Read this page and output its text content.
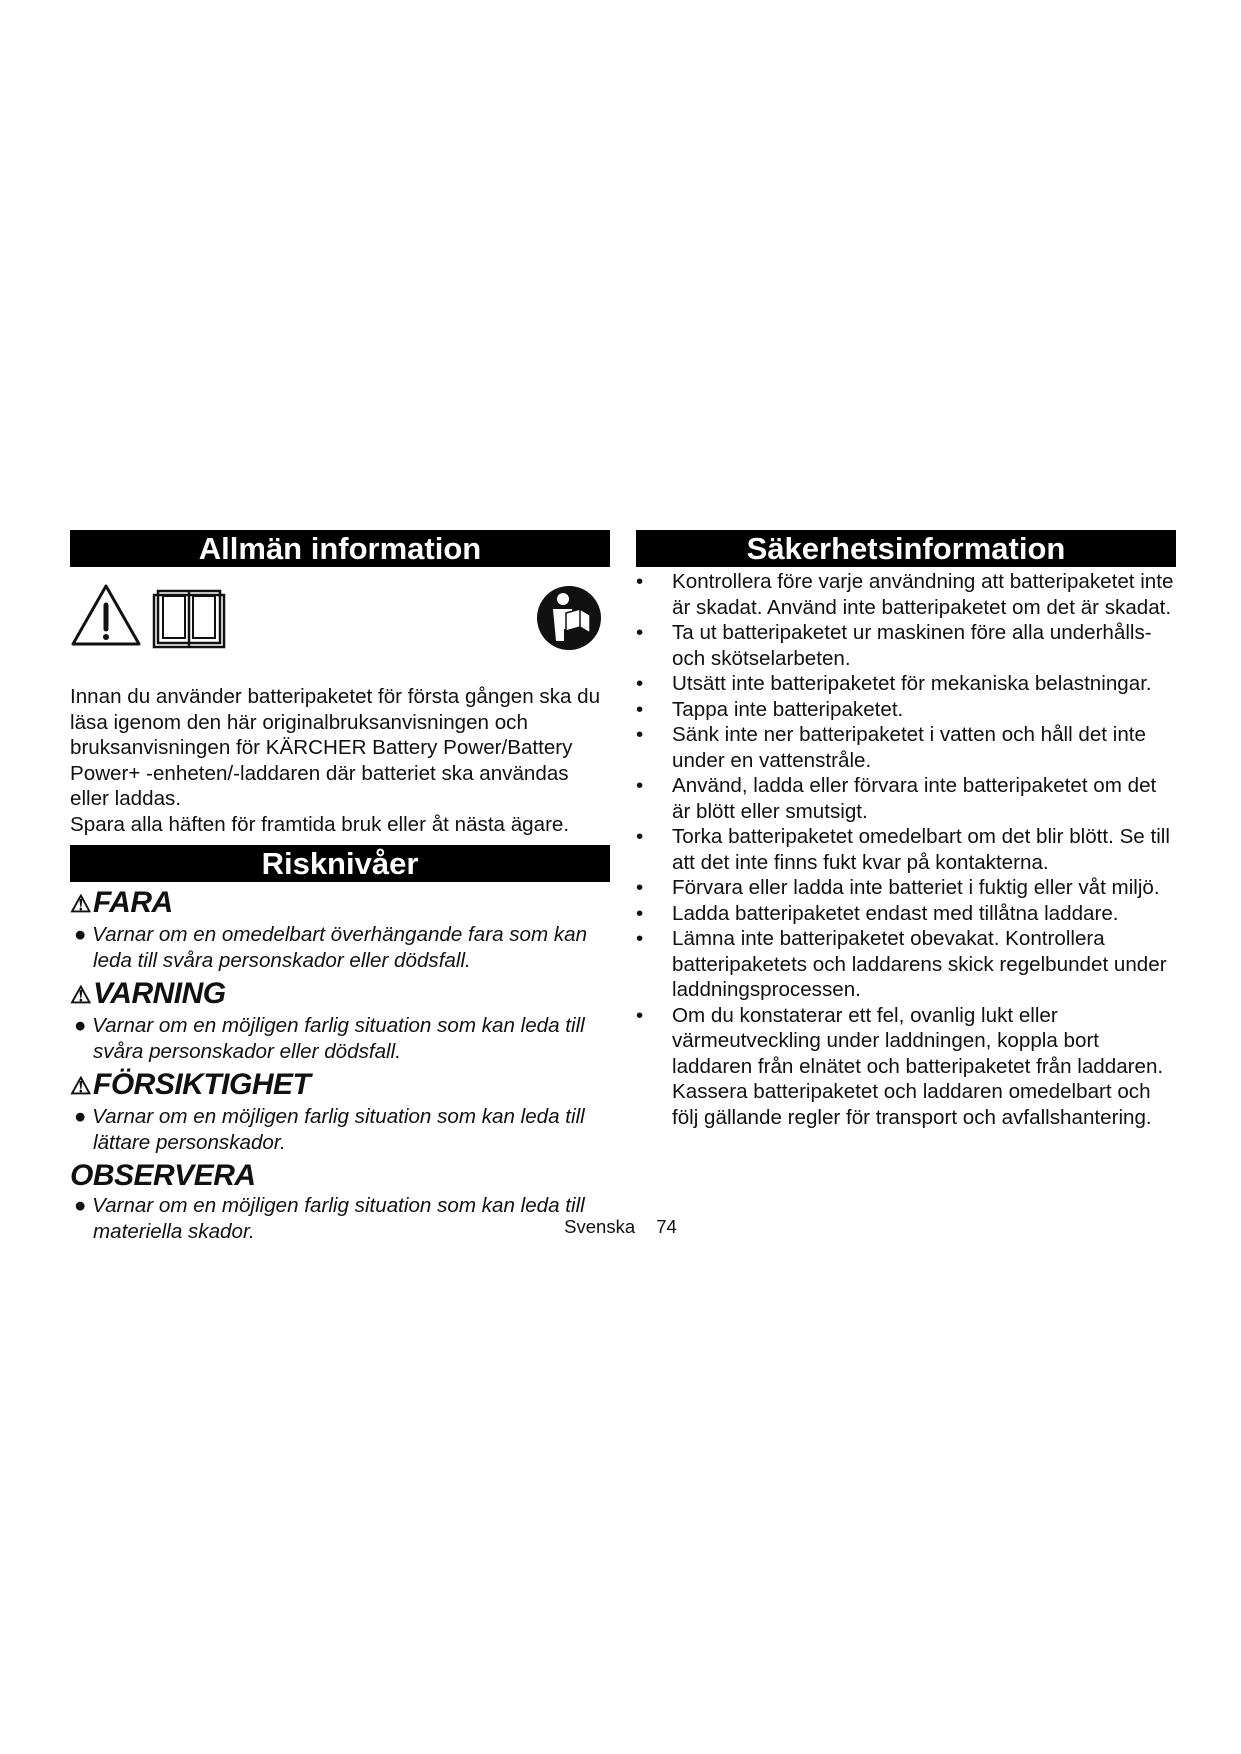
Allmän information

Innan du använder batteripaketet för första gången ska du läsa igenom den här originalbruksanvisningen och bruksanvisningen för KÄRCHER Battery Power/Battery Power+ -enheten/-laddaren där batteriet ska användas eller laddas.

Spara alla häften för framtida bruk eller åt nästa ägare.

Risknivåer
⚠FARA

● Varnar om en omedelbart överhängande fara som kan leda till svåra personskador eller dödsfall.

⚠VARNING

● Varnar om en möjligen farlig situation som kan leda till svåra personskador eller dödsfall.

⚠FÖRSIKTIGHET

● Varnar om en möjligen farlig situation som kan leda till lättare personskador.

OBSERVERA

● Varnar om en möjligen farlig situation som kan leda till materiella skador.

Säkerhetsinformation
• Kontrollera före varje användning att batteripaketet inte är skadat. Använd inte batteripaketet om det är skadat.
• Ta ut batteripaketet ur maskinen före alla underhålls- och skötselarbeten.
• Utsätt inte batteripaketet för mekaniska belastningar.
• Tappa inte batteripaketet.
• Sänk inte ner batteripaketet i vatten och håll det inte under en vattenstråle.
• Använd, ladda eller förvara inte batteripaketet om det är blött eller smutsigt.
• Torka batteripaketet omedelbart om det blir blött. Se till att det inte finns fukt kvar på kontakterna.
• Förvara eller ladda inte batteriet i fuktig eller våt miljö.
• Ladda batteripaketet endast med tillåtna laddare.
• Lämna inte batteripaketet obevakat. Kontrollera batteripaketets och laddarens skick regelbundet under laddningsprocessen.
• Om du konstaterar ett fel, ovanlig lukt eller värmeutveckling under laddningen, koppla bort laddaren från elnätet och batteripaketet från laddaren. Kassera batteripaketet och laddaren omedelbart och följ gällande regler för transport och avfallshantering.
Svenska 74
